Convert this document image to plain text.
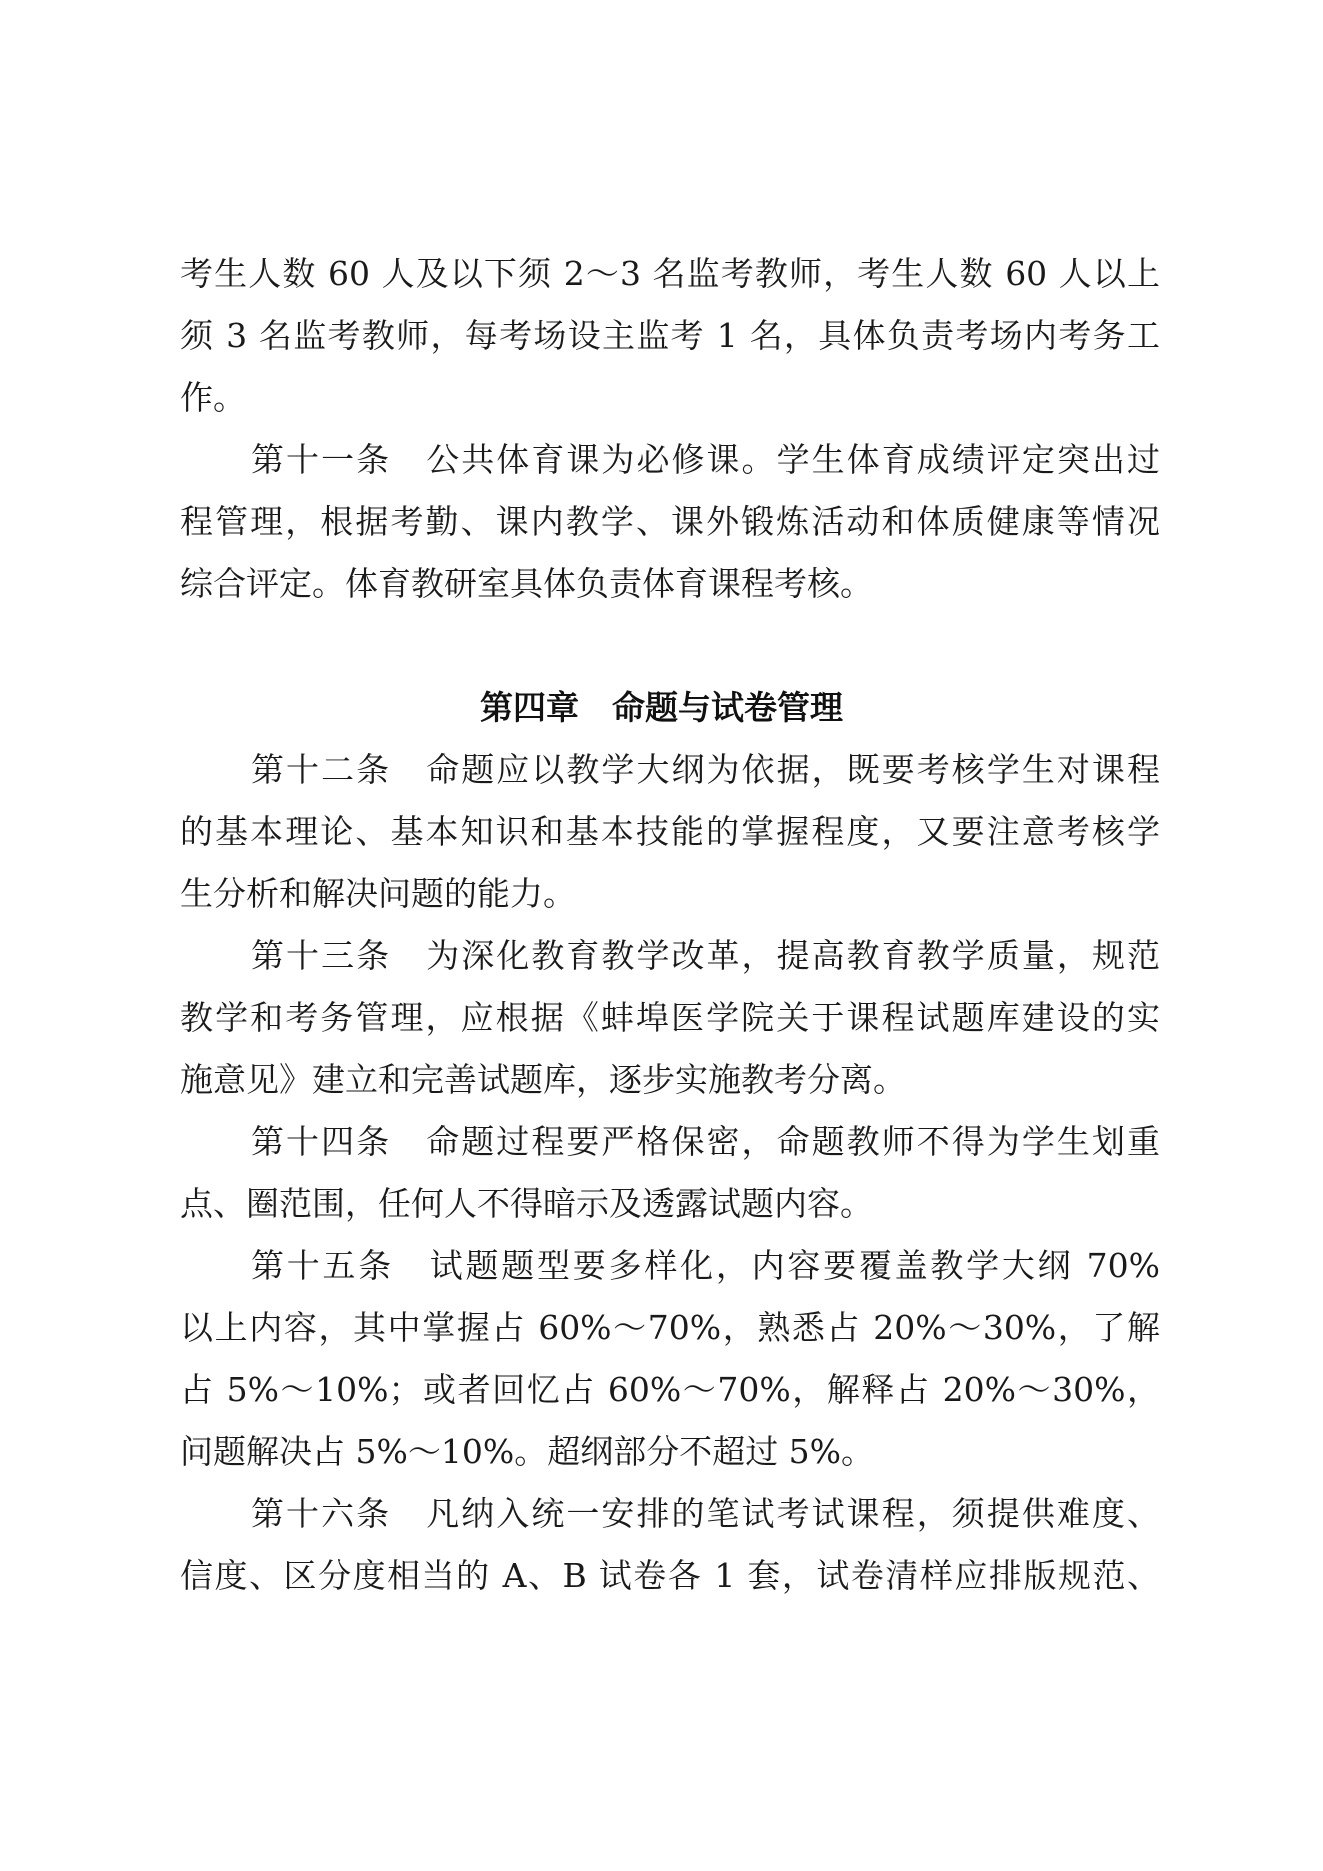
考生人数 60 人及以下须 2～3 名监考教师，考生人数 60 人以上
须 3 名监考教师，每考场设主监考 1 名，具体负责考场内考务工
作。
第十一条　公共体育课为必修课。学生体育成绩评定突出过
程管理，根据考勤、课内教学、课外锻炼活动和体质健康等情况
综合评定。体育教研室具体负责体育课程考核。
第四章　命题与试卷管理
第十二条　命题应以教学大纲为依据，既要考核学生对课程
的基本理论、基本知识和基本技能的掌握程度，又要注意考核学
生分析和解决问题的能力。
第十三条　为深化教育教学改革，提高教育教学质量，规范
教学和考务管理，应根据《蚌埠医学院关于课程试题库建设的实
施意见》建立和完善试题库，逐步实施教考分离。
第十四条　命题过程要严格保密，命题教师不得为学生划重
点、圈范围，任何人不得暗示及透露试题内容。
第十五条　试题题型要多样化，内容要覆盖教学大纲 70%
以上内容，其中掌握占 60%～70%，熟悉占 20%～30%，了解
占 5%～10%；或者回忆占 60%～70%，解释占 20%～30%，
问题解决占 5%～10%。超纲部分不超过 5%。
第十六条　凡纳入统一安排的笔试考试课程，须提供难度、
信度、区分度相当的 A、B 试卷各 1 套，试卷清样应排版规范、
